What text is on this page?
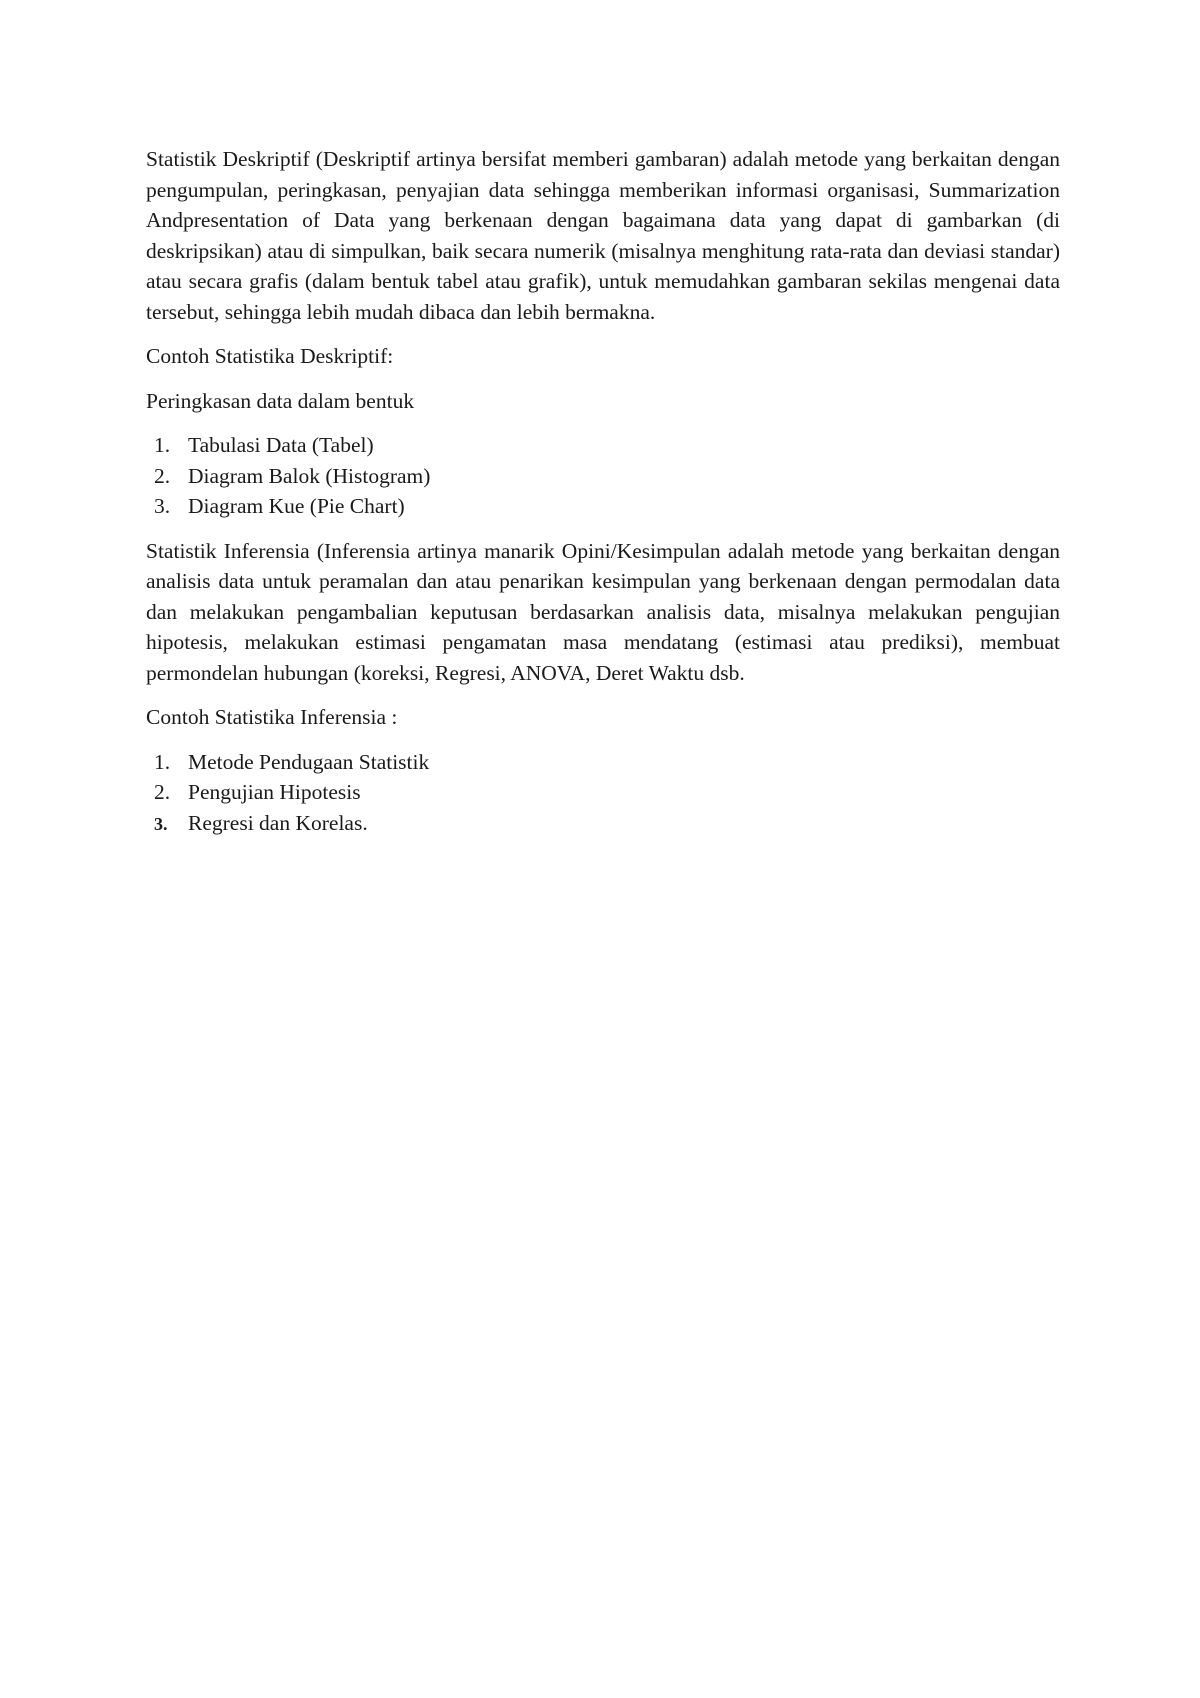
Statistik Deskriptif (Deskriptif artinya bersifat memberi gambaran) adalah metode yang berkaitan dengan pengumpulan, peringkasan, penyajian data sehingga memberikan informasi organisasi, Summarization Andpresentation of Data yang berkenaan dengan bagaimana data yang dapat di gambarkan (di deskripsikan) atau di simpulkan, baik secara numerik (misalnya menghitung rata-rata dan deviasi standar) atau secara grafis (dalam bentuk tabel atau grafik), untuk memudahkan gambaran sekilas mengenai data tersebut, sehingga lebih mudah dibaca dan lebih bermakna.

Contoh Statistika Deskriptif:

Peringkasan data dalam bentuk

1. Tabulasi Data (Tabel)
2. Diagram Balok (Histogram)
3. Diagram Kue (Pie Chart)

Statistik Inferensia (Inferensia artinya manarik Opini/Kesimpulan adalah metode yang berkaitan dengan analisis data untuk peramalan dan atau penarikan kesimpulan yang berkenaan dengan permodalan data dan melakukan pengambalian keputusan berdasarkan analisis data, misalnya melakukan pengujian hipotesis, melakukan estimasi pengamatan masa mendatang (estimasi atau prediksi), membuat permondelan hubungan (koreksi, Regresi, ANOVA, Deret Waktu dsb.

Contoh Statistika Inferensia :

1. Metode Pendugaan Statistik
2. Pengujian Hipotesis
3. Regresi dan Korelas.
